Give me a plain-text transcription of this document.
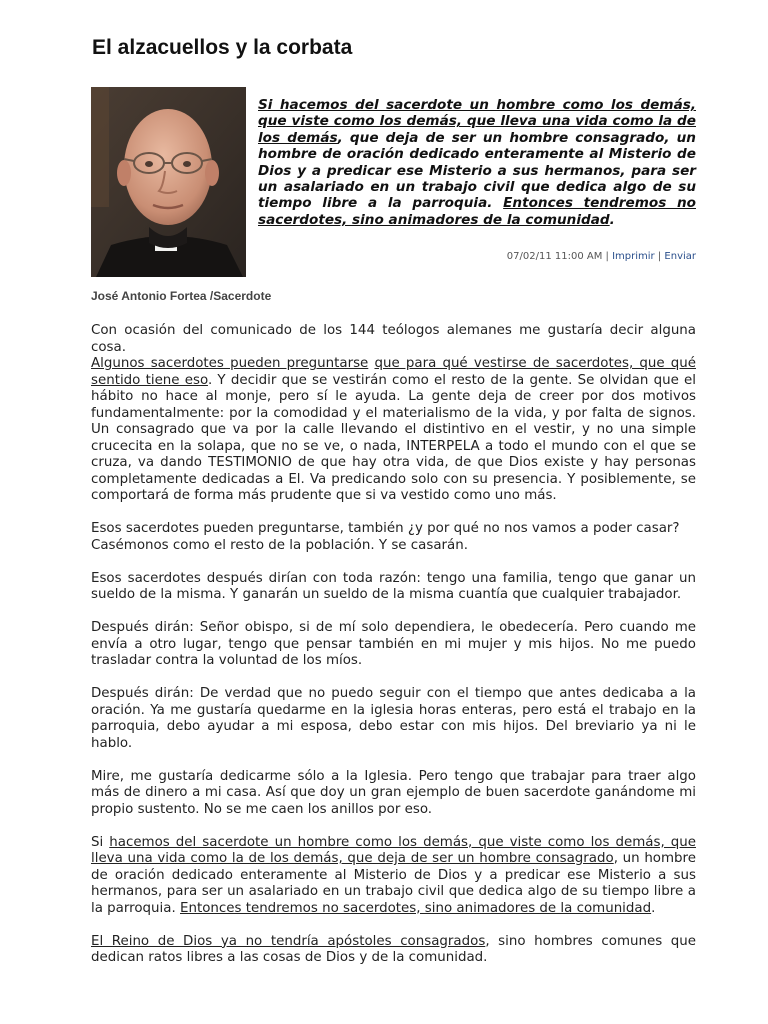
El alzacuellos y la corbata

Si hacemos del sacerdote un hombre como los demás, que viste como los demás, que lleva una vida como la de los demás, que deja de ser un hombre consagrado, un hombre de oración dedicado enteramente al Misterio de Dios y a predicar ese Misterio a sus hermanos, para ser un asalariado en un trabajo civil que dedica algo de su tiempo libre a la parroquia. Entonces tendremos no sacerdotes, sino animadores de la comunidad.

07/02/11 11:00 AM | Imprimir | Enviar
José Antonio Fortea /Sacerdote

Con ocasión del comunicado de los 144 teólogos alemanes me gustaría decir alguna cosa.

Algunos sacerdotes pueden preguntarse que para qué vestirse de sacerdotes, que qué sentido tiene eso. Y decidir que se vestirán como el resto de la gente. Se olvidan que el hábito no hace al monje, pero sí le ayuda. La gente deja de creer por dos motivos fundamentalmente: por la comodidad y el materialismo de la vida, y por falta de signos. Un consagrado que va por la calle llevando el distintivo en el vestir, y no una simple crucecita en la solapa, que no se ve, o nada, INTERPELA a todo el mundo con el que se cruza, va dando TESTIMONIO de que hay otra vida, de que Dios existe y hay personas completamente dedicadas a El. Va predicando solo con su presencia. Y posiblemente, se comportará de forma más prudente que si va vestido como uno más.

Esos sacerdotes pueden preguntarse, también ¿y por qué no nos vamos a poder casar?
Casémonos como el resto de la población. Y se casarán.

Esos sacerdotes después dirían con toda razón: tengo una familia, tengo que ganar un sueldo de la misma. Y ganarán un sueldo de la misma cuantía que cualquier trabajador.

Después dirán: Señor obispo, si de mí solo dependiera, le obedecería. Pero cuando me envía a otro lugar, tengo que pensar también en mi mujer y mis hijos. No me puedo trasladar contra la voluntad de los míos.

Después dirán: De verdad que no puedo seguir con el tiempo que antes dedicaba a la oración. Ya me gustaría quedarme en la iglesia horas enteras, pero está el trabajo en la parroquia, debo ayudar a mi esposa, debo estar con mis hijos. Del breviario ya ni le hablo.

Mire, me gustaría dedicarme sólo a la Iglesia. Pero tengo que trabajar para traer algo más de dinero a mi casa. Así que doy un gran ejemplo de buen sacerdote ganándome mi propio sustento. No se me caen los anillos por eso.

Si hacemos del sacerdote un hombre como los demás, que viste como los demás, que lleva una vida como la de los demás, que deja de ser un hombre consagrado, un hombre de oración dedicado enteramente al Misterio de Dios y a predicar ese Misterio a sus hermanos, para ser un asalariado en un trabajo civil que dedica algo de su tiempo libre a la parroquia. Entonces tendremos no sacerdotes, sino animadores de la comunidad.

El Reino de Dios ya no tendría apóstoles consagrados, sino hombres comunes que dedican ratos libres a las cosas de Dios y de la comunidad.
